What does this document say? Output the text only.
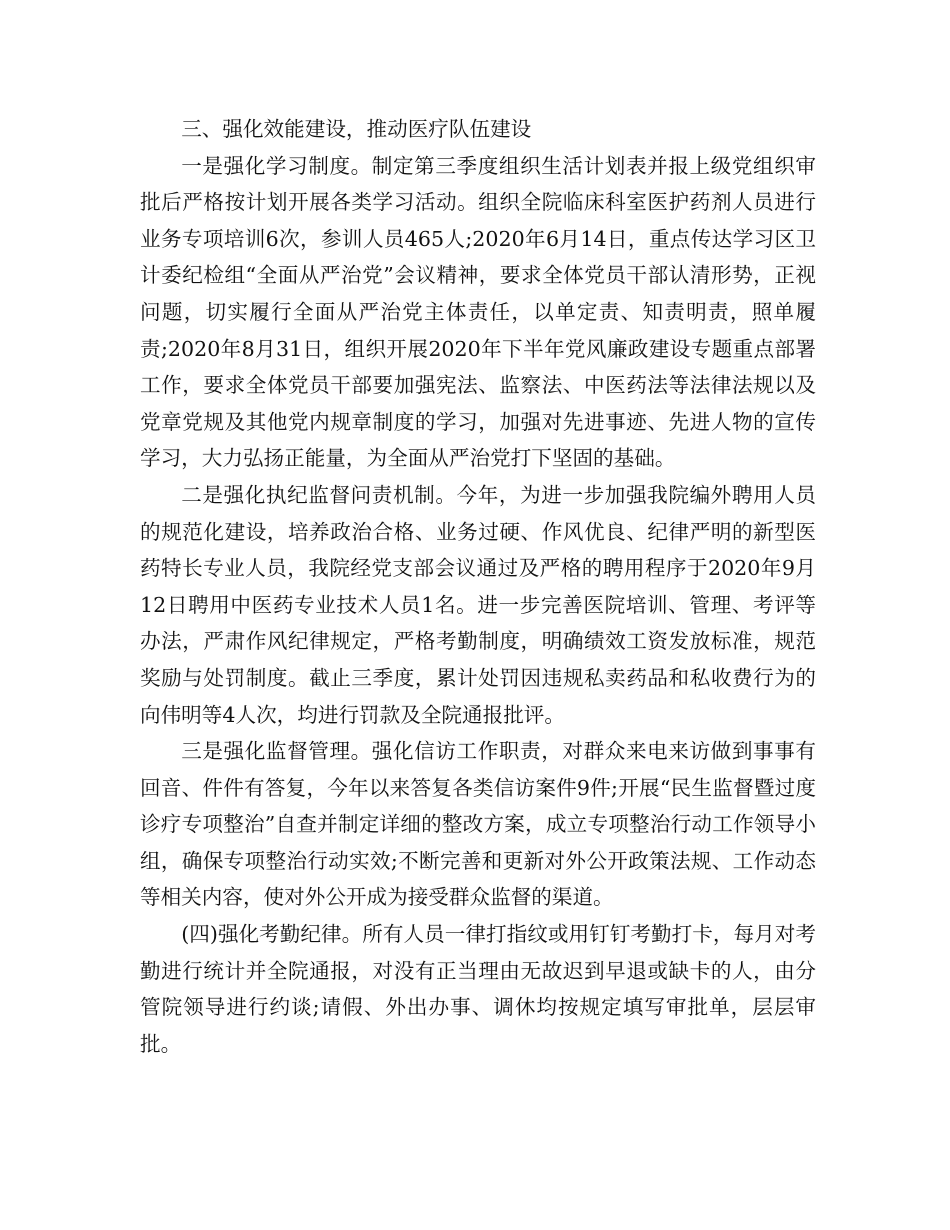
三、强化效能建设，推动医疗队伍建设

一是强化学习制度。制定第三季度组织生活计划表并报上级党组织审批后严格按计划开展各类学习活动。组织全院临床科室医护药剂人员进行业务专项培训6次，参训人员465人;2020年6月14日，重点传达学习区卫计委纪检组“全面从严治党”会议精神，要求全体党员干部认清形势，正视问题，切实履行全面从严治党主体责任，以单定责、知责明责，照单履责;2020年8月31日，组织开展2020年下半年党风廉政建设专题重点部署工作，要求全体党员干部要加强宪法、监察法、中医药法等法律法规以及党章党规及其他党内规章制度的学习，加强对先进事迹、先进人物的宣传学习，大力弘扬正能量，为全面从严治党打下坚固的基础。

二是强化执纪监督问责机制。今年，为进一步加强我院编外聘用人员的规范化建设，培养政治合格、业务过硬、作风优良、纪律严明的新型医药特长专业人员，我院经党支部会议通过及严格的聘用程序于2020年9月12日聘用中医药专业技术人员1名。进一步完善医院培训、管理、考评等办法，严肃作风纪律规定，严格考勤制度，明确绩效工资发放标准，规范奖励与处罚制度。截止三季度，累计处罚因违规私卖药品和私收费行为的向伟明等4人次，均进行罚款及全院通报批评。

三是强化监督管理。强化信访工作职责，对群众来电来访做到事事有回音、件件有答复，今年以来答复各类信访案件9件;开展“民生监督暨过度诊疗专项整治”自查并制定详细的整改方案，成立专项整治行动工作领导小组，确保专项整治行动实效;不断完善和更新对外公开政策法规、工作动态等相关内容，使对外公开成为接受群众监督的渠道。

(四)强化考勤纪律。所有人员一律打指纹或用钉钉考勤打卡，每月对考勤进行统计并全院通报，对没有正当理由无故迟到早退或缺卡的人，由分管院领导进行约谈;请假、外出办事、调休均按规定填写审批单，层层审批。
